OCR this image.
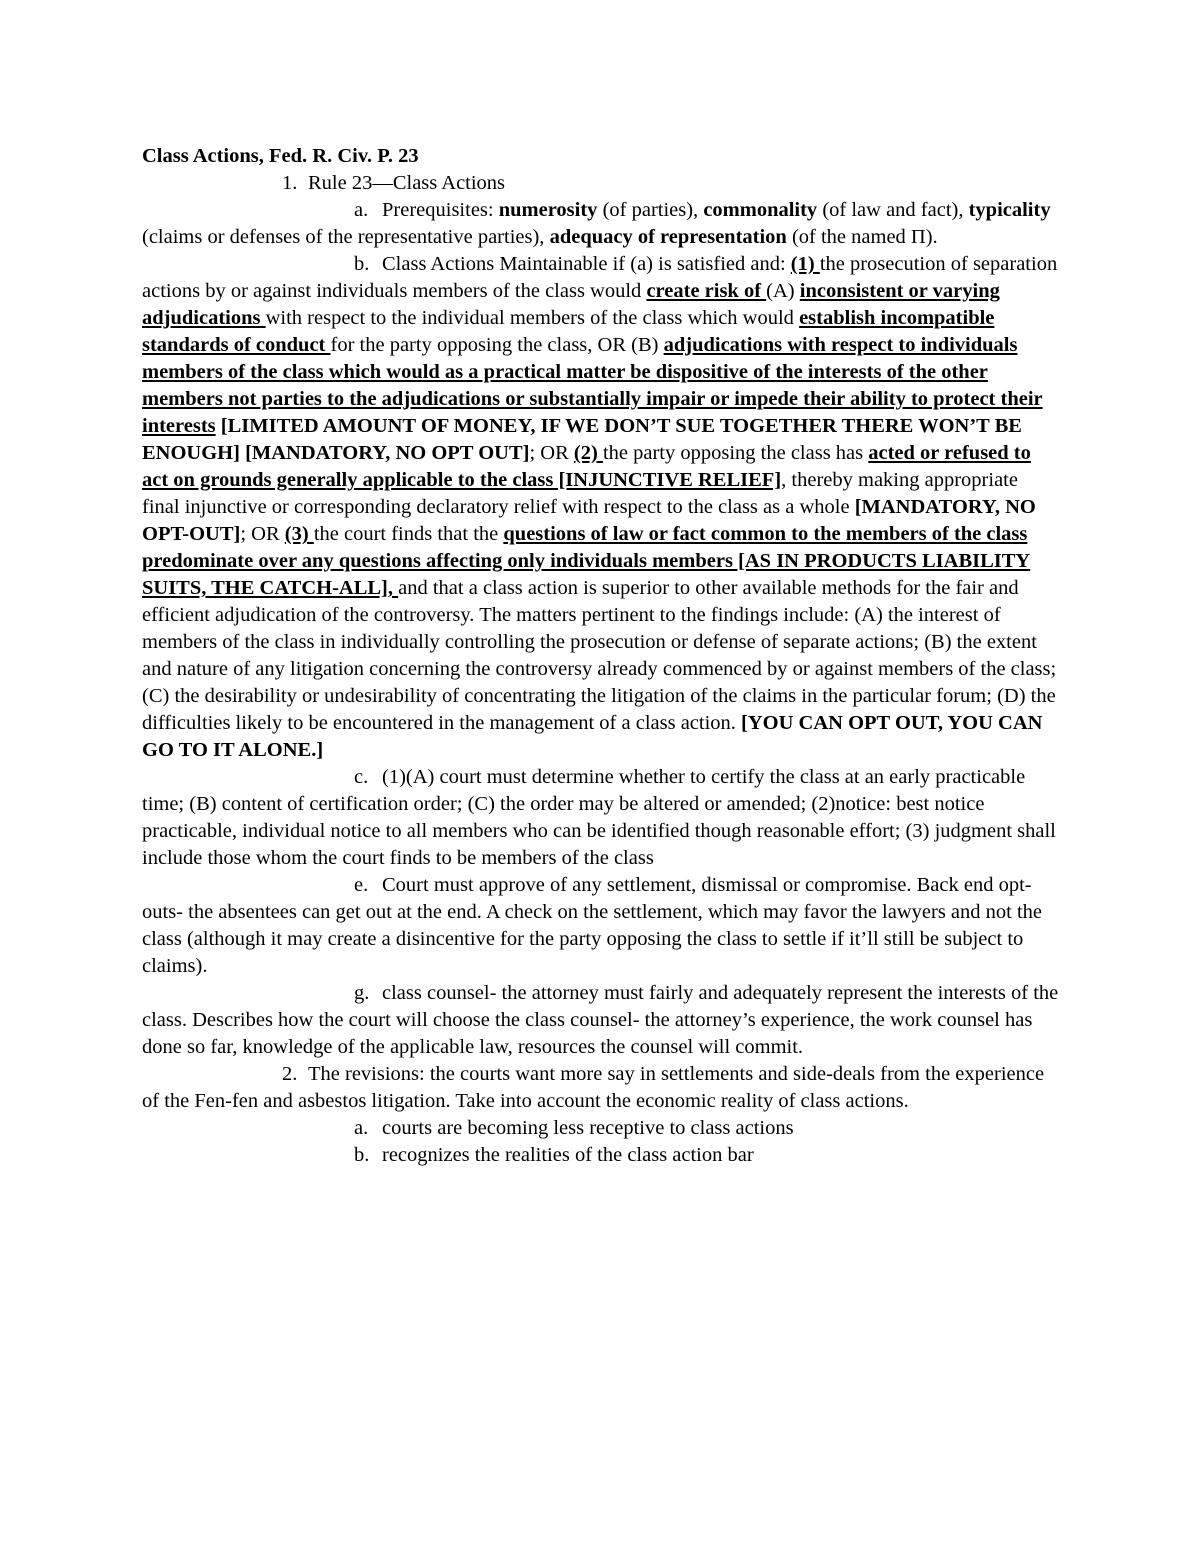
Class Actions, Fed. R. Civ. P. 23
1. Rule 23—Class Actions
a. Prerequisites: numerosity (of parties), commonality (of law and fact), typicality (claims or defenses of the representative parties), adequacy of representation (of the named Π).
b. Class Actions Maintainable if (a) is satisfied and: (1) the prosecution of separation actions by or against individuals members of the class would create risk of (A) inconsistent or varying adjudications with respect to the individual members of the class which would establish incompatible standards of conduct for the party opposing the class, OR (B) adjudications with respect to individuals members of the class which would as a practical matter be dispositive of the interests of the other members not parties to the adjudications or substantially impair or impede their ability to protect their interests [LIMITED AMOUNT OF MONEY, IF WE DON’T SUE TOGETHER THERE WON’T BE ENOUGH] [MANDATORY, NO OPT OUT]; OR (2) the party opposing the class has acted or refused to act on grounds generally applicable to the class [INJUNCTIVE RELIEF], thereby making appropriate final injunctive or corresponding declaratory relief with respect to the class as a whole [MANDATORY, NO OPT-OUT]; OR (3) the court finds that the questions of law or fact common to the members of the class predominate over any questions affecting only individuals members [AS IN PRODUCTS LIABILITY SUITS, THE CATCH-ALL], and that a class action is superior to other available methods for the fair and efficient adjudication of the controversy. The matters pertinent to the findings include: (A) the interest of members of the class in individually controlling the prosecution or defense of separate actions; (B) the extent and nature of any litigation concerning the controversy already commenced by or against members of the class; (C) the desirability or undesirability of concentrating the litigation of the claims in the particular forum; (D) the difficulties likely to be encountered in the management of a class action. [YOU CAN OPT OUT, YOU CAN GO TO IT ALONE.]
c. (1)(A) court must determine whether to certify the class at an early practicable time; (B) content of certification order; (C) the order may be altered or amended; (2)notice: best notice practicable, individual notice to all members who can be identified though reasonable effort; (3) judgment shall include those whom the court finds to be members of the class
e. Court must approve of any settlement, dismissal or compromise. Back end opt-outs- the absentees can get out at the end. A check on the settlement, which may favor the lawyers and not the class (although it may create a disincentive for the party opposing the class to settle if it’ll still be subject to claims).
g. class counsel- the attorney must fairly and adequately represent the interests of the class. Describes how the court will choose the class counsel- the attorney’s experience, the work counsel has done so far, knowledge of the applicable law, resources the counsel will commit.
2. The revisions: the courts want more say in settlements and side-deals from the experience of the Fen-fen and asbestos litigation. Take into account the economic reality of class actions.
a. courts are becoming less receptive to class actions
b. recognizes the realities of the class action bar
